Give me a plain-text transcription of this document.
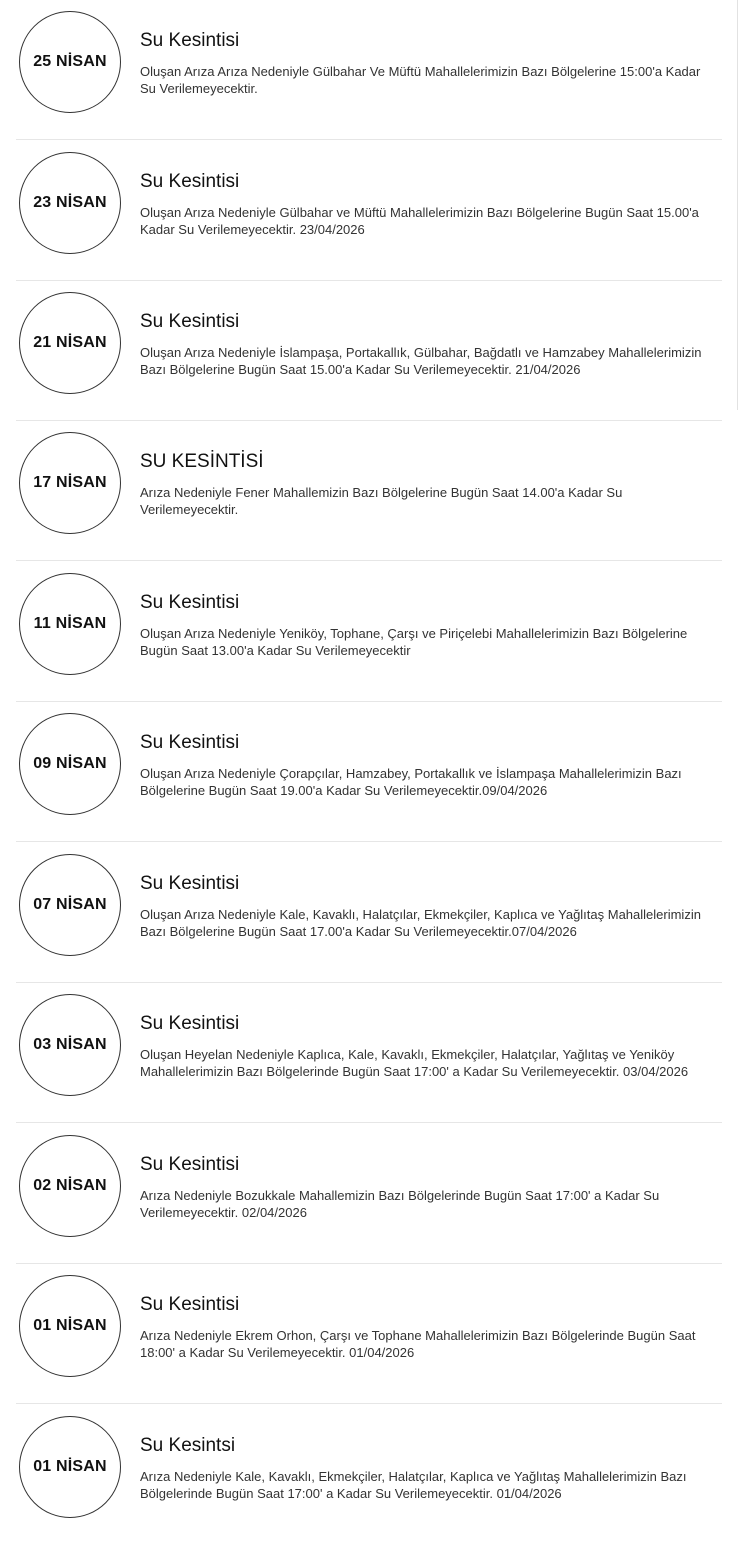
25 NİSAN
Su Kesintisi

Oluşan Arıza Arıza Nedeniyle Gülbahar Ve Müftü Mahallelerimizin Bazı Bölgelerine 15:00'a Kadar Su Verilemeyecektir.

23 NİSAN
Su Kesintisi

Oluşan Arıza Nedeniyle Gülbahar ve Müftü Mahallelerimizin Bazı Bölgelerine Bugün Saat 15.00'a Kadar Su Verilemeyecektir. 23/04/2026

21 NİSAN
Su Kesintisi

Oluşan Arıza Nedeniyle İslampaşa, Portakallık, Gülbahar, Bağdatlı ve Hamzabey Mahallelerimizin Bazı Bölgelerine Bugün Saat 15.00'a Kadar Su Verilemeyecektir. 21/04/2026

17 NİSAN
SU KESİNTİSİ

Arıza Nedeniyle Fener Mahallemizin Bazı Bölgelerine Bugün Saat 14.00'a Kadar Su Verilemeyecektir.

11 NİSAN
Su Kesintisi

Oluşan Arıza Nedeniyle Yeniköy, Tophane, Çarşı ve Piriçelebi Mahallelerimizin Bazı Bölgelerine Bugün Saat 13.00'a Kadar Su Verilemeyecektir

09 NİSAN
Su Kesintisi

Oluşan Arıza Nedeniyle Çorapçılar, Hamzabey, Portakallık ve İslampaşa Mahallelerimizin Bazı Bölgelerine Bugün Saat 19.00'a Kadar Su Verilemeyecektir.09/04/2026

07 NİSAN
Su Kesintisi

Oluşan Arıza Nedeniyle Kale, Kavaklı, Halatçılar, Ekmekçiler, Kaplıca ve Yağlıtaş Mahallelerimizin Bazı Bölgelerine Bugün Saat 17.00'a Kadar Su Verilemeyecektir.07/04/2026

03 NİSAN
Su Kesintisi

Oluşan Heyelan Nedeniyle Kaplıca, Kale, Kavaklı, Ekmekçiler, Halatçılar, Yağlıtaş ve Yeniköy Mahallelerimizin Bazı Bölgelerinde Bugün Saat 17:00' a Kadar Su Verilemeyecektir. 03/04/2026

02 NİSAN
Su Kesintisi

Arıza Nedeniyle Bozukkale Mahallemizin Bazı Bölgelerinde Bugün Saat 17:00' a Kadar Su Verilemeyecektir. 02/04/2026

01 NİSAN
Su Kesintisi

Arıza Nedeniyle Ekrem Orhon, Çarşı ve Tophane Mahallelerimizin Bazı Bölgelerinde Bugün Saat 18:00' a Kadar Su Verilemeyecektir. 01/04/2026

01 NİSAN
Su Kesintsi

Arıza Nedeniyle Kale, Kavaklı, Ekmekçiler, Halatçılar, Kaplıca ve Yağlıtaş Mahallelerimizin Bazı Bölgelerinde Bugün Saat 17:00' a Kadar Su Verilemeyecektir. 01/04/2026
